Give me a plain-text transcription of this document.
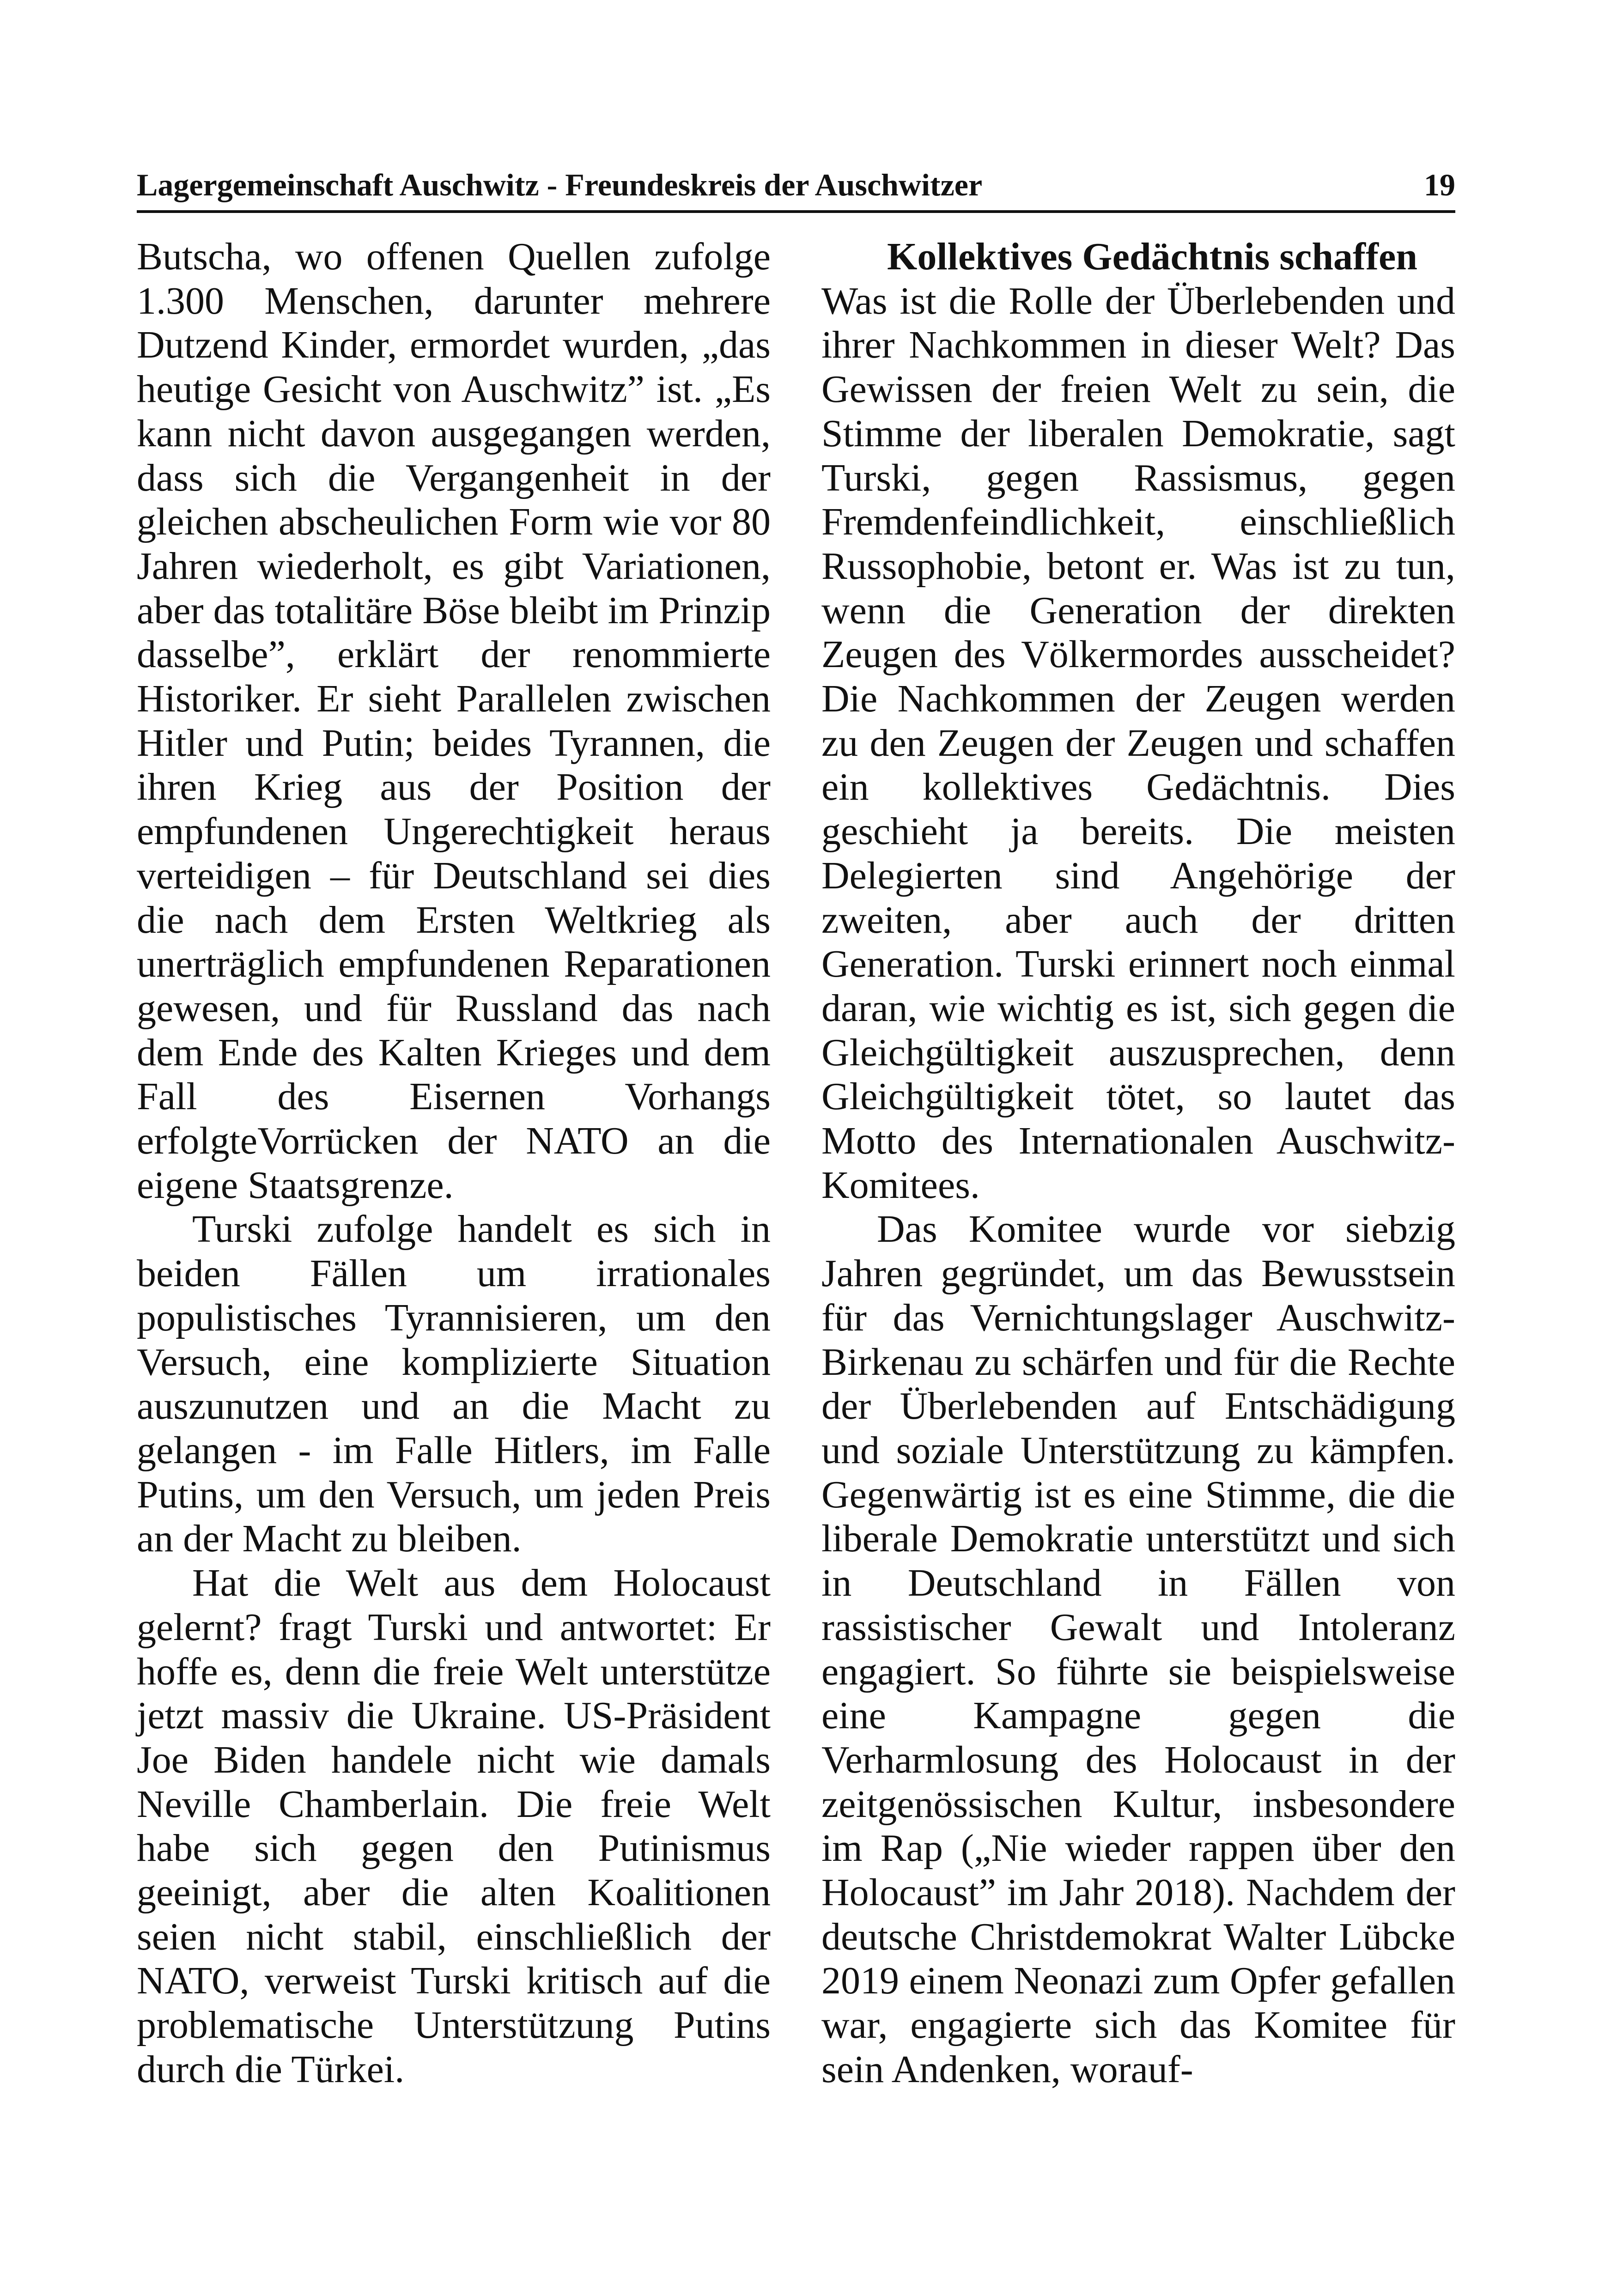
Lagergemeinschaft Auschwitz - Freundeskreis der Auschwitzer	19

Butscha, wo offenen Quellen zufolge 1.300 Menschen, darunter mehrere Dutzend Kinder, ermordet wurden, „das heutige Gesicht von Auschwitz” ist. „Es kann nicht davon ausgegangen werden, dass sich die Vergangenheit in der gleichen abscheulichen Form wie vor 80 Jahren wiederholt, es gibt Variationen, aber das totalitäre Böse bleibt im Prinzip dasselbe”, erklärt der renommierte Historiker. Er sieht Parallelen zwischen Hitler und Putin; beides Tyrannen, die ihren Krieg aus der Position der empfundenen Ungerechtigkeit heraus verteidigen – für Deutschland sei dies die nach dem Ersten Weltkrieg als unerträglich empfundenen Reparationen gewesen, und für Russland das nach dem Ende des Kalten Krieges und dem Fall des Eisernen Vorhangs erfolgteVorrücken der NATO an die eigene Staatsgrenze.

Turski zufolge handelt es sich in beiden Fällen um irrationales populistisches Tyrannisieren, um den Versuch, eine komplizierte Situation auszunutzen und an die Macht zu gelangen - im Falle Hitlers, im Falle Putins, um den Versuch, um jeden Preis an der Macht zu bleiben.

Hat die Welt aus dem Holocaust gelernt? fragt Turski und antwortet: Er hoffe es, denn die freie Welt unterstütze jetzt massiv die Ukraine. US-Präsident Joe Biden handele nicht wie damals Neville Chamberlain. Die freie Welt habe sich gegen den Putinismus geeinigt, aber die alten Koalitionen seien nicht stabil, einschließlich der NATO, verweist Turski kritisch auf die problematische Unterstützung Putins durch die Türkei.

Kollektives Gedächtnis schaffen

Was ist die Rolle der Überlebenden und ihrer Nachkommen in dieser Welt? Das Gewissen der freien Welt zu sein, die Stimme der liberalen Demokratie, sagt Turski, gegen Rassismus, gegen Fremdenfeindlichkeit, einschließlich Russophobie, betont er. Was ist zu tun, wenn die Generation der direkten Zeugen des Völkermordes ausscheidet? Die Nachkommen der Zeugen werden zu den Zeugen der Zeugen und schaffen ein kollektives Gedächtnis. Dies geschieht ja bereits. Die meisten Delegierten sind Angehörige der zweiten, aber auch der dritten Generation. Turski erinnert noch einmal daran, wie wichtig es ist, sich gegen die Gleichgültigkeit auszusprechen, denn Gleichgültigkeit tötet, so lautet das Motto des Internationalen Auschwitz-Komitees.

Das Komitee wurde vor siebzig Jahren gegründet, um das Bewusstsein für das Vernichtungslager Auschwitz-Birkenau zu schärfen und für die Rechte der Überlebenden auf Entschädigung und soziale Unterstützung zu kämpfen. Gegenwärtig ist es eine Stimme, die die liberale Demokratie unterstützt und sich in Deutschland in Fällen von rassistischer Gewalt und Intoleranz engagiert. So führte sie beispielsweise eine Kampagne gegen die Verharmlosung des Holocaust in der zeitgenössischen Kultur, insbesondere im Rap („Nie wieder rappen über den Holocaust” im Jahr 2018). Nachdem der deutsche Christdemokrat Walter Lübcke 2019 einem Neonazi zum Opfer gefallen war, engagierte sich das Komitee für sein Andenken, worauf-
